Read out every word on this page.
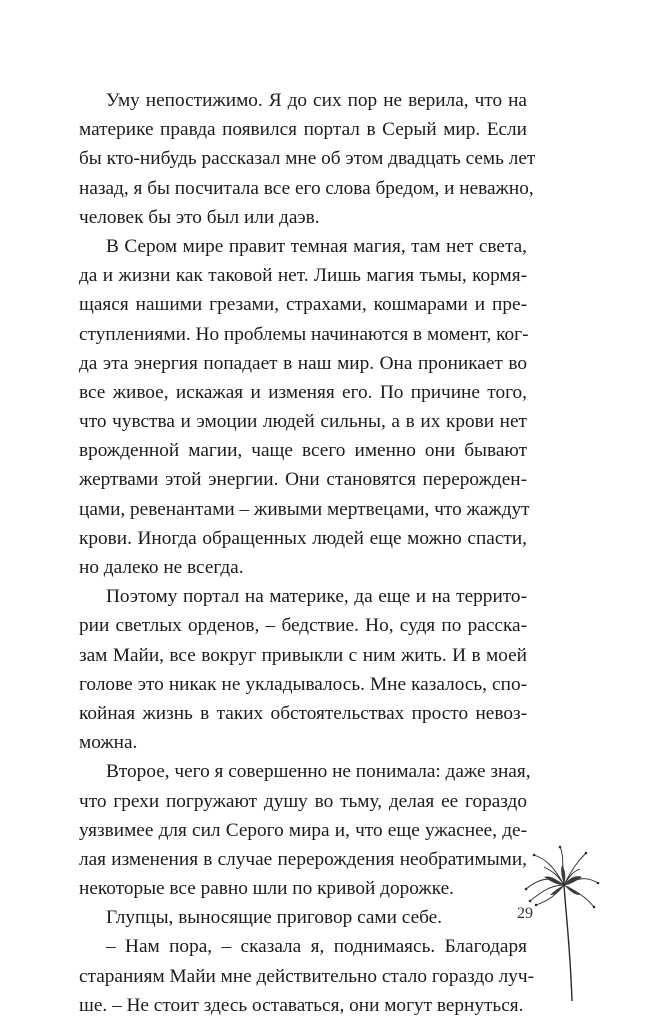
Уму непостижимо. Я до сих пор не верила, что на
материке правда появился портал в Серый мир. Если
бы кто-нибудь рассказал мне об этом двадцать семь лет
назад, я бы посчитала все его слова бредом, и неважно,
человек бы это был или даэв.
В Сером мире правит темная магия, там нет света,
да и жизни как таковой нет. Лишь магия тьмы, кормя-
щаяся нашими грезами, страхами, кошмарами и пре-
ступлениями. Но проблемы начинаются в момент, ког-
да эта энергия попадает в наш мир. Она проникает во
все живое, искажая и изменяя его. По причине того,
что чувства и эмоции людей сильны, а в их крови нет
врожденной магии, чаще всего именно они бывают
жертвами этой энергии. Они становятся перерожден-
цами, ревенантами – живыми мертвецами, что жаждут
крови. Иногда обращенных людей еще можно спасти,
но далеко не всегда.
Поэтому портал на материке, да еще и на террито-
рии светлых орденов, – бедствие. Но, судя по расска-
зам Майи, все вокруг привыкли с ним жить. И в моей
голове это никак не укладывалось. Мне казалось, спо-
койная жизнь в таких обстоятельствах просто невоз-
можна.
Второе, чего я совершенно не понимала: даже зная,
что грехи погружают душу во тьму, делая ее гораздо
уязвимее для сил Серого мира и, что еще ужаснее, де-
лая изменения в случае перерождения необратимыми,
некоторые все равно шли по кривой дорожке.
Глупцы, выносящие приговор сами себе.
– Нам пора, – сказала я, поднимаясь. Благодаря
стараниям Майи мне действительно стало гораздо луч-
ше. – Не стоит здесь оставаться, они могут вернуться.
29
